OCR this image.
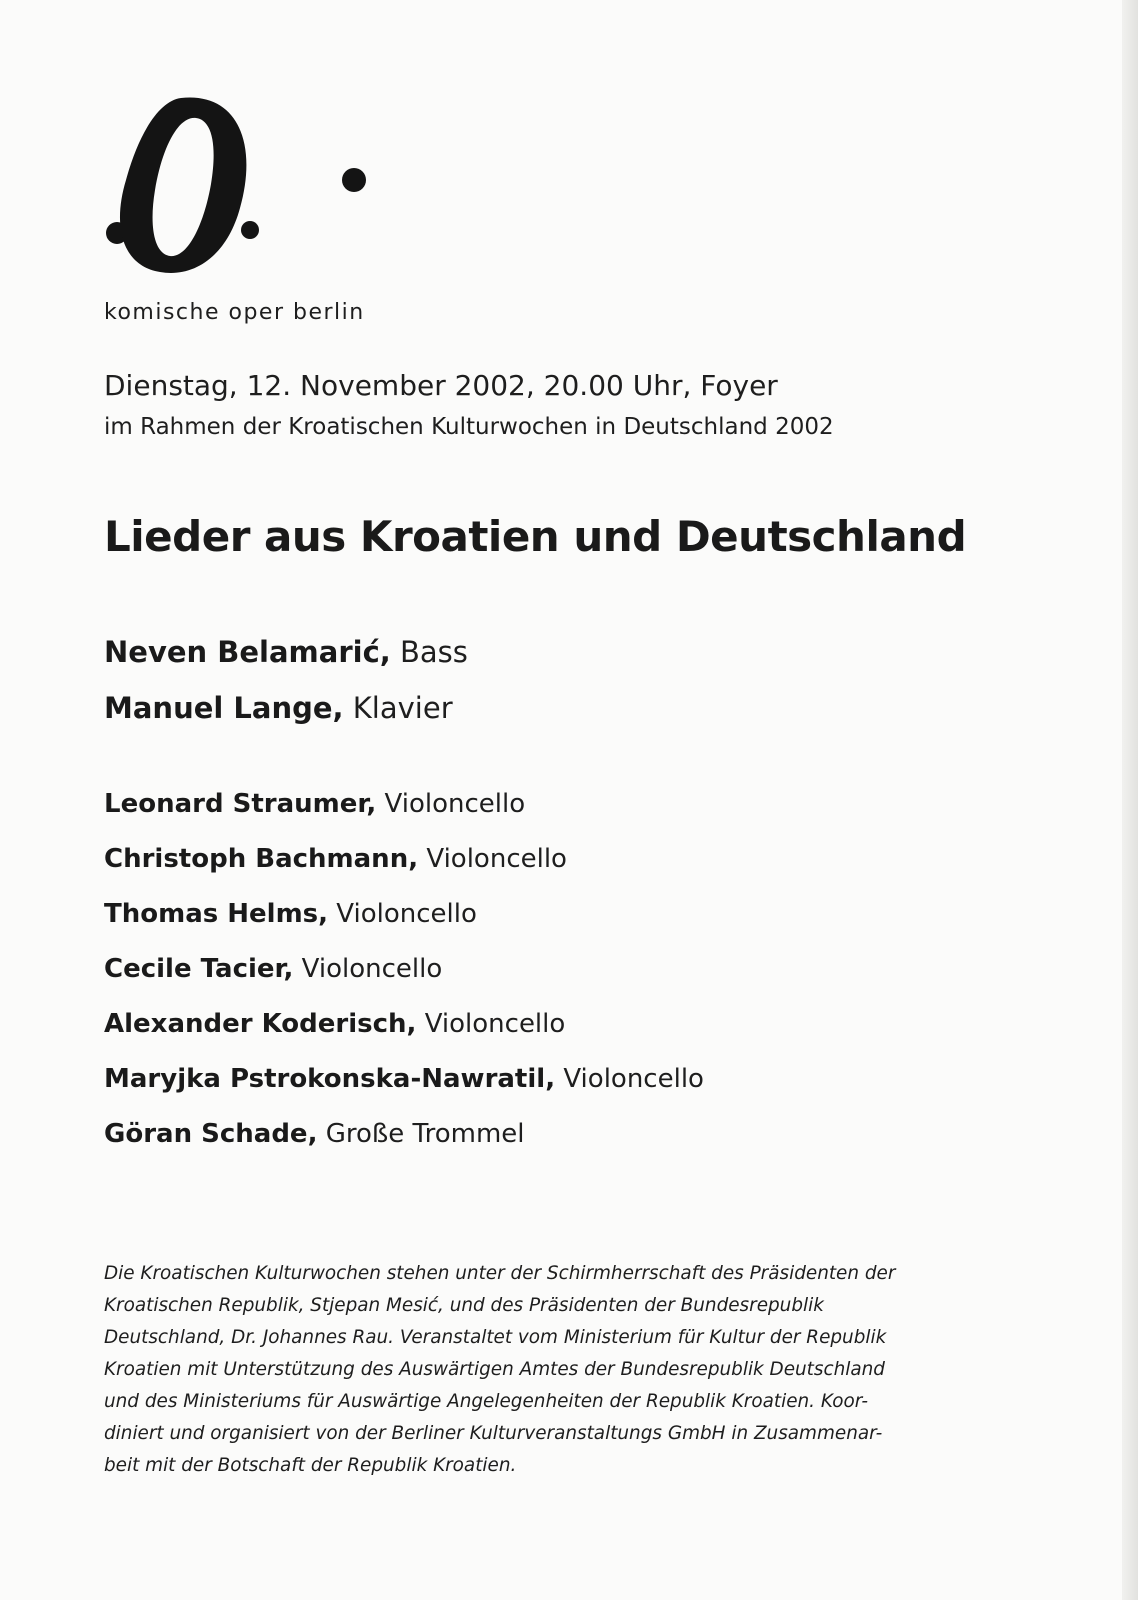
komische oper berlin
Dienstag, 12. November 2002, 20.00 Uhr, Foyer
im Rahmen der Kroatischen Kulturwochen in Deutschland 2002
Lieder aus Kroatien und Deutschland
Neven Belamarić, Bass
Manuel Lange, Klavier
Leonard Straumer, Violoncello
Christoph Bachmann, Violoncello
Thomas Helms, Violoncello
Cecile Tacier, Violoncello
Alexander Koderisch, Violoncello
Maryjka Pstrokonska-Nawratil, Violoncello
Göran Schade, Große Trommel

Die Kroatischen Kulturwochen stehen unter der Schirmherrschaft des Präsidenten der
Kroatischen Republik, Stjepan Mesić, und des Präsidenten der Bundesrepublik
Deutschland, Dr. Johannes Rau. Veranstaltet vom Ministerium für Kultur der Republik
Kroatien mit Unterstützung des Auswärtigen Amtes der Bundesrepublik Deutschland
und des Ministeriums für Auswärtige Angelegenheiten der Republik Kroatien. Koor-
diniert und organisiert von der Berliner Kulturveranstaltungs GmbH in Zusammenar-
beit mit der Botschaft der Republik Kroatien.
